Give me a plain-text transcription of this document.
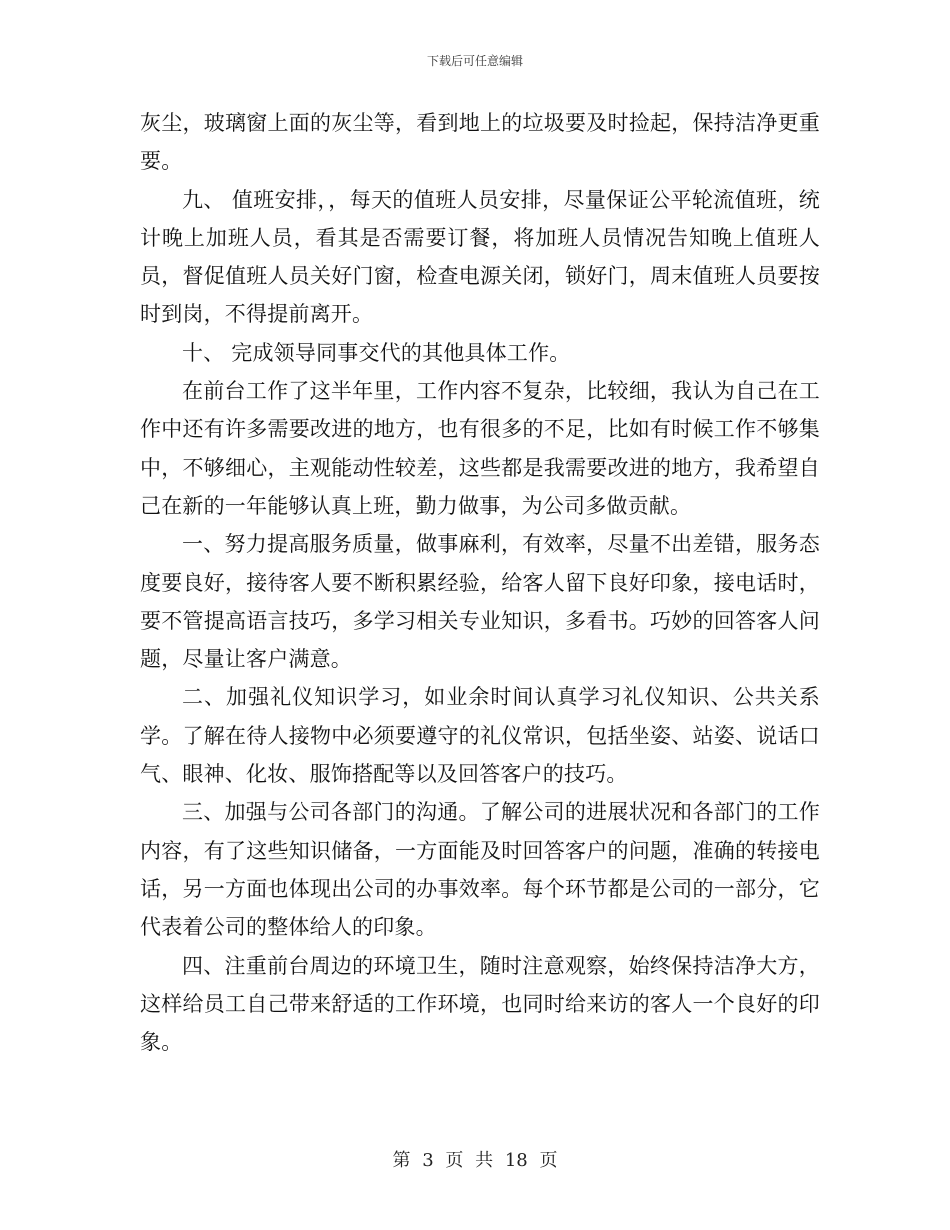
下载后可任意编辑

灰尘，玻璃窗上面的灰尘等，看到地上的垃圾要及时捡起，保持洁净更重要。

九、 值班安排，，每天的值班人员安排，尽量保证公平轮流值班，统计晚上加班人员，看其是否需要订餐，将加班人员情况告知晚上值班人员，督促值班人员关好门窗，检查电源关闭，锁好门，周末值班人员要按时到岗，不得提前离开。

十、 完成领导同事交代的其他具体工作。

在前台工作了这半年里，工作内容不复杂，比较细，我认为自己在工作中还有许多需要改进的地方，也有很多的不足，比如有时候工作不够集中，不够细心，主观能动性较差，这些都是我需要改进的地方，我希望自己在新的一年能够认真上班，勤力做事，为公司多做贡献。

一、努力提高服务质量，做事麻利，有效率，尽量不出差错，服务态度要良好，接待客人要不断积累经验，给客人留下良好印象，接电话时，要不管提高语言技巧，多学习相关专业知识，多看书。巧妙的回答客人问题，尽量让客户满意。

二、加强礼仪知识学习，如业余时间认真学习礼仪知识、公共关系学。了解在待人接物中必须要遵守的礼仪常识，包括坐姿、站姿、说话口气、眼神、化妆、服饰搭配等以及回答客户的技巧。

三、加强与公司各部门的沟通。了解公司的进展状况和各部门的工作 内容，有了这些知识储备，一方面能及时回答客户的问题，准确的转接电话，另一方面也体现出公司的办事效率。每个环节都是公司的一部分，它代表着公司的整体给人的印象。

四、注重前台周边的环境卫生，随时注意观察，始终保持洁净大方，这样给员工自己带来舒适的工作环境，也同时给来访的客人一个良好的印象。

第 3 页 共 18 页
